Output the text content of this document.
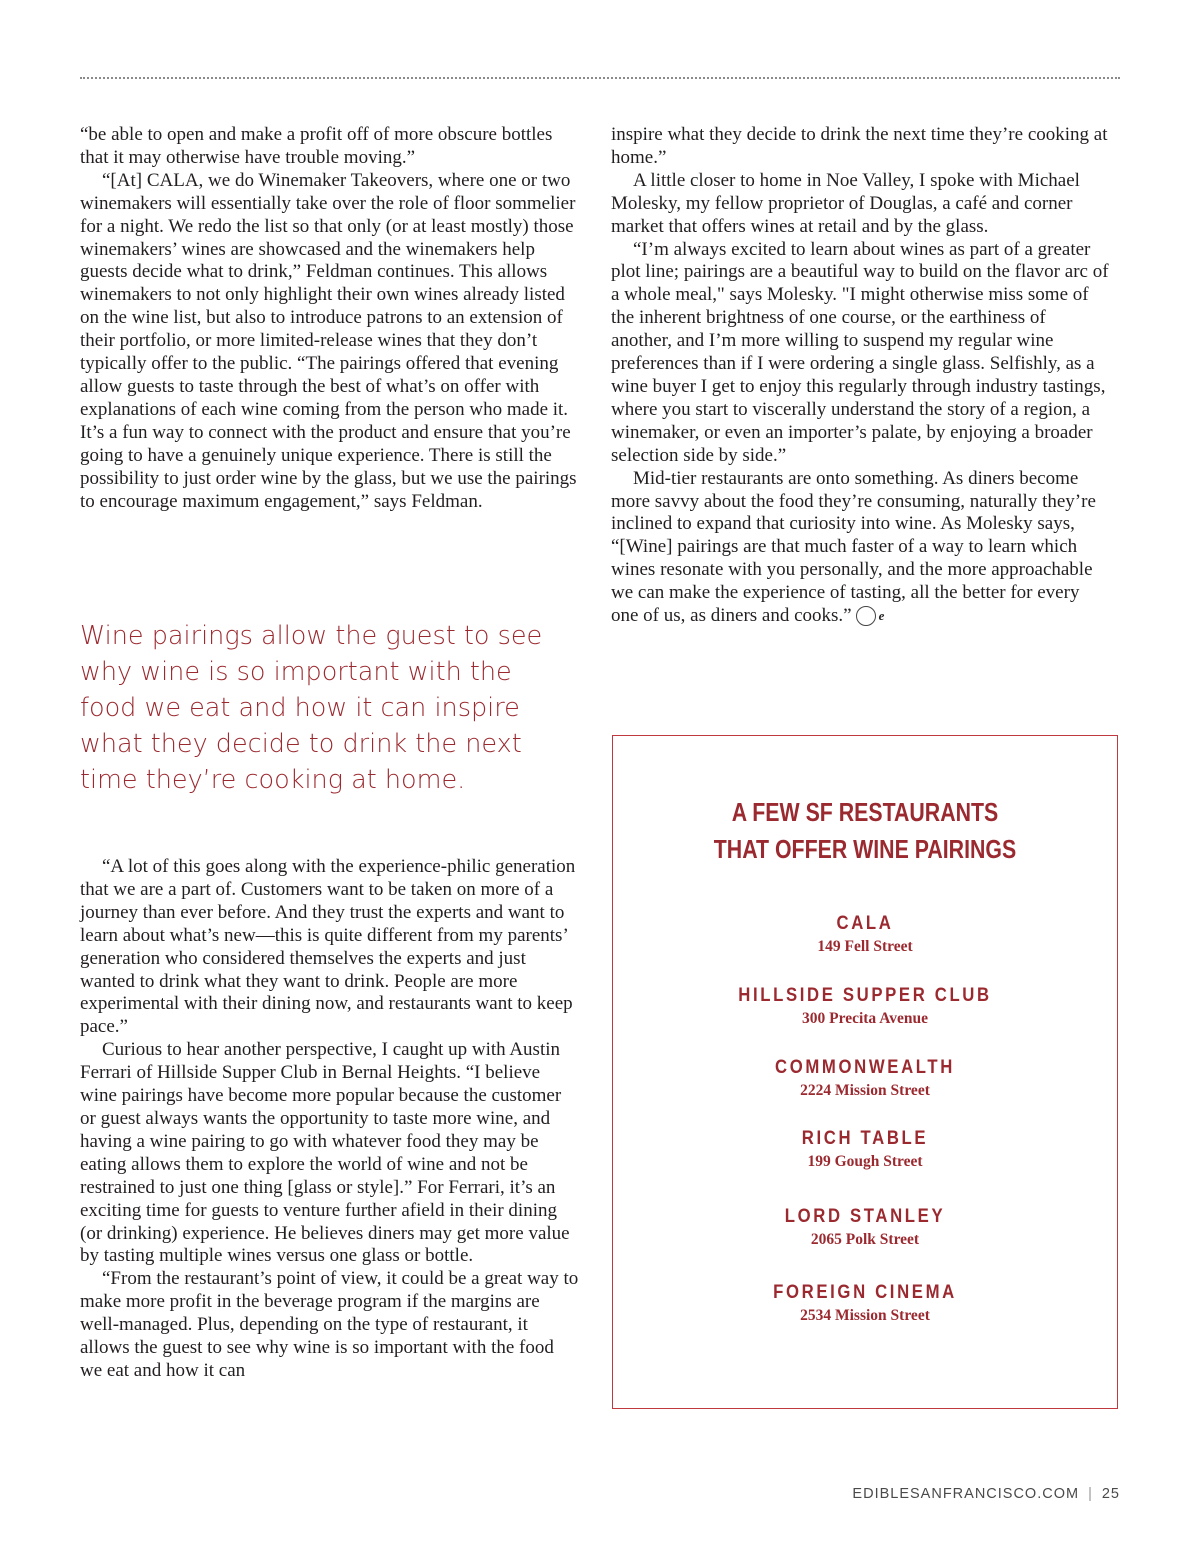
“be able to open and make a profit off of more obscure bottles that it may otherwise have trouble moving.”

“[At] CALA, we do Winemaker Takeovers, where one or two winemakers will essentially take over the role of floor sommelier for a night. We redo the list so that only (or at least mostly) those winemakers’ wines are showcased and the winemakers help guests decide what to drink,” Feldman continues. This allows winemakers to not only highlight their own wines already listed on the wine list, but also to introduce patrons to an extension of their portfolio, or more limited-release wines that they don’t typically offer to the public. “The pairings offered that evening allow guests to taste through the best of what’s on offer with explanations of each wine coming from the person who made it. It’s a fun way to connect with the product and ensure that you’re going to have a genuinely unique experience. There is still the possibility to just order wine by the glass, but we use the pairings to encourage maximum engagement,” says Feldman.

Wine pairings allow the guest to see why wine is so important with the food we eat and how it can inspire what they decide to drink the next time they’re cooking at home.

“A lot of this goes along with the experience-philic generation that we are a part of. Customers want to be taken on more of a journey than ever before. And they trust the experts and want to learn about what’s new—this is quite different from my parents’ generation who considered themselves the experts and just wanted to drink what they want to drink. People are more experimental with their dining now, and restaurants want to keep pace.”

Curious to hear another perspective, I caught up with Austin Ferrari of Hillside Supper Club in Bernal Heights. “I believe wine pairings have become more popular because the customer or guest always wants the opportunity to taste more wine, and having a wine pairing to go with whatever food they may be eating allows them to explore the world of wine and not be restrained to just one thing [glass or style].” For Ferrari, it’s an exciting time for guests to venture further afield in their dining (or drinking) experience. He believes diners may get more value by tasting multiple wines versus one glass or bottle.

“From the restaurant’s point of view, it could be a great way to make more profit in the beverage program if the margins are well-managed. Plus, depending on the type of restaurant, it allows the guest to see why wine is so important with the food we eat and how it can

inspire what they decide to drink the next time they’re cooking at home.”

A little closer to home in Noe Valley, I spoke with Michael Molesky, my fellow proprietor of Douglas, a café and corner market that offers wines at retail and by the glass.

“I’m always excited to learn about wines as part of a greater plot line; pairings are a beautiful way to build on the flavor arc of a whole meal," says Molesky. "I might otherwise miss some of the inherent brightness of one course, or the earthiness of another, and I’m more willing to suspend my regular wine preferences than if I were ordering a single glass. Selfishly, as a wine buyer I get to enjoy this regularly through industry tastings, where you start to viscerally understand the story of a region, a winemaker, or even an importer’s palate, by enjoying a broader selection side by side.”

Mid-tier restaurants are onto something. As diners become more savvy about the food they’re consuming, naturally they’re inclined to expand that curiosity into wine. As Molesky says, “[Wine] pairings are that much faster of a way to learn which wines resonate with you personally, and the more approachable we can make the experience of tasting, all the better for every one of us, as diners and cooks.” e

A FEW SF RESTAURANTS
THAT OFFER WINE PAIRINGS
CALA
149 Fell Street
HILLSIDE SUPPER CLUB
300 Precita Avenue
COMMONWEALTH
2224 Mission Street
RICH TABLE
199 Gough Street
LORD STANLEY
2065 Polk Street
FOREIGN CINEMA
2534 Mission Street
EDIBLESANFRANCISCO.COM | 25
